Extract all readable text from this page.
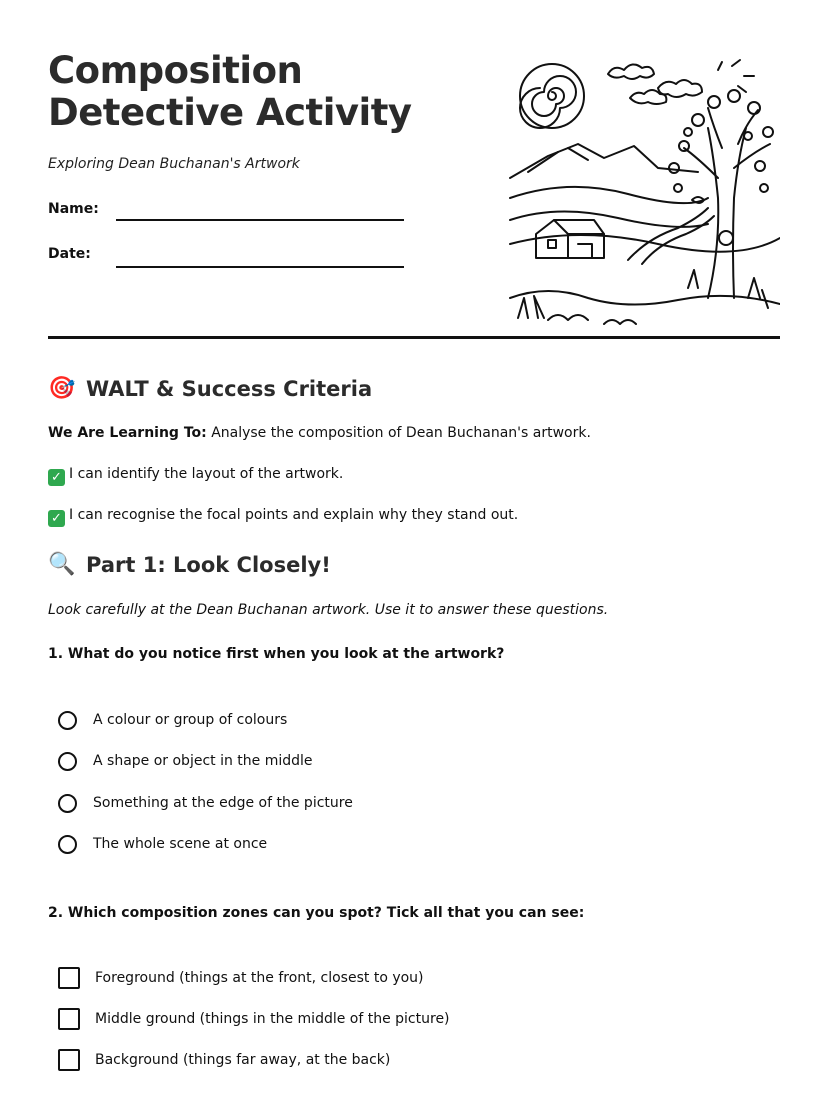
Composition Detective Activity
Exploring Dean Buchanan's Artwork
Name:
Date:
🎯 WALT & Success Criteria
We Are Learning To: Analyse the composition of Dean Buchanan's artwork.
✓ I can identify the layout of the artwork.
✓ I can recognise the focal points and explain why they stand out.
🔍 Part 1: Look Closely!
Look carefully at the Dean Buchanan artwork. Use it to answer these questions.
1. What do you notice first when you look at the artwork?
A colour or group of colours
A shape or object in the middle
Something at the edge of the picture
The whole scene at once
2. Which composition zones can you spot? Tick all that you can see:
Foreground (things at the front, closest to you)
Middle ground (things in the middle of the picture)
Background (things far away, at the back)
